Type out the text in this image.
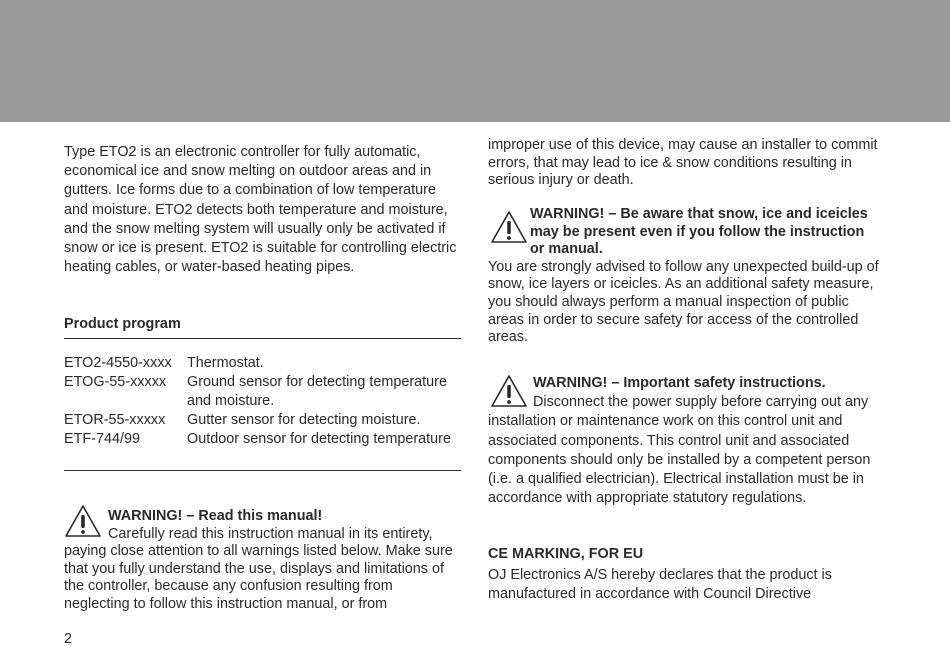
Type ETO2 is an electronic controller for fully automatic, economical ice and snow melting on outdoor areas and in gutters. Ice forms due to a combination of low temperature and moisture. ETO2 detects both temperature and moisture, and the snow melting system will usually only be activated if snow or ice is present. ETO2 is suitable for controlling electric heating cables, or water-based heating pipes.

Product program
ETO2-4550-xxxx	Thermostat.
ETOG-55-xxxxx	Ground sensor for detecting temperature and moisture.
ETOR-55-xxxxx	Gutter sensor for detecting moisture.
ETF-744/99	Outdoor sensor for detecting temperature
WARNING! – Read this manual!
Carefully read this instruction manual in its entirety, paying close attention to all warnings listed below. Make sure that you fully understand the use, displays and limitations of the controller, because any confusion resulting from neglecting to follow this instruction manual, or from

improper use of this device, may cause an installer to commit errors, that may lead to ice & snow conditions resulting in serious injury or death.

WARNING! – Be aware that snow, ice and iceicles may be present even if you follow the instruction or manual.
You are strongly advised to follow any unexpected build-up of snow, ice layers or iceicles. As an additional safety measure, you should always perform a manual inspection of public areas in order to secure safety for access of the controlled areas.
WARNING! – Important safety instructions.
Disconnect the power supply before carrying out any installation or maintenance work on this control unit and associated components. This control unit and associated components should only be installed by a competent person (i.e. a qualified electrician). Electrical installation must be in accordance with appropriate statutory regulations.
CE MARKING, FOR EU

OJ Electronics A/S hereby declares that the product is manufactured in accordance with Council Directive

2
